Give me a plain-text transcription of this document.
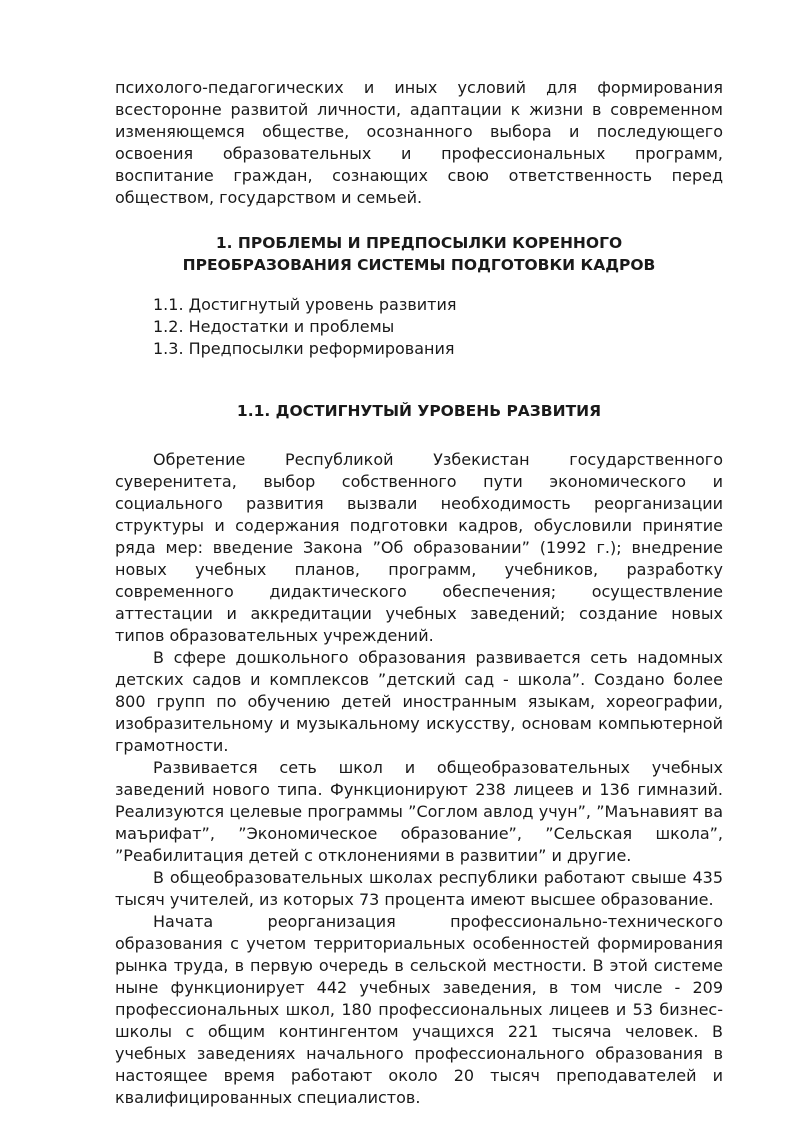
психолого-педагогических и иных условий для формирования всесторонне развитой личности, адаптации к жизни в современном изменяющемся обществе, осознанного выбора и последующего освоения образовательных и профессиональных программ, воспитание граждан, сознающих свою ответственность перед обществом, государством и семьей.

1. ПРОБЛЕМЫ И ПРЕДПОСЫЛКИ КОРЕННОГО
ПРЕОБРАЗОВАНИЯ СИСТЕМЫ ПОДГОТОВКИ КАДРОВ
1.1. Достигнутый уровень развития
1.2. Недостатки и проблемы
1.3. Предпосылки реформирования
1.1. ДОСТИГНУТЫЙ УРОВЕНЬ РАЗВИТИЯ

Обретение Республикой Узбекистан государственного суверенитета, выбор собственного пути экономического и социального развития вызвали необходимость реорганизации структуры и содержания подготовки кадров, обусловили принятие ряда мер: введение Закона ”Об образовании” (1992 г.); внедрение новых учебных планов, программ, учебников, разработку современного дидактического обеспечения; осуществление аттестации и аккредитации учебных заведений; создание новых типов образовательных учреждений.

В сфере дошкольного образования развивается сеть надомных детских садов и комплексов ”детский сад - школа”. Создано более 800 групп по обучению детей иностранным языкам, хореографии, изобразительному и музыкальному искусству, основам компьютерной грамотности.

Развивается сеть школ и общеобразовательных учебных заведений нового типа. Функционируют 238 лицеев и 136 гимназий. Реализуются целевые программы ”Соглом авлод учун”, ”Маънавият ва маърифат”, ”Экономическое образование”, ”Сельская школа”, ”Реабилитация детей с отклонениями в развитии” и другие.

В общеобразовательных школах республики работают свыше 435 тысяч учителей, из которых 73 процента имеют высшее образование.

Начата реорганизация профессионально-технического образования с учетом территориальных особенностей формирования рынка труда, в первую очередь в сельской местности. В этой системе ныне функционирует 442 учебных заведения, в том числе - 209 профессиональных школ, 180 профессиональных лицеев и 53 бизнес-школы с общим контингентом учащихся 221 тысяча человек. В учебных заведениях начального профессионального образования в настоящее время работают около 20 тысяч преподавателей и квалифицированных специалистов.
